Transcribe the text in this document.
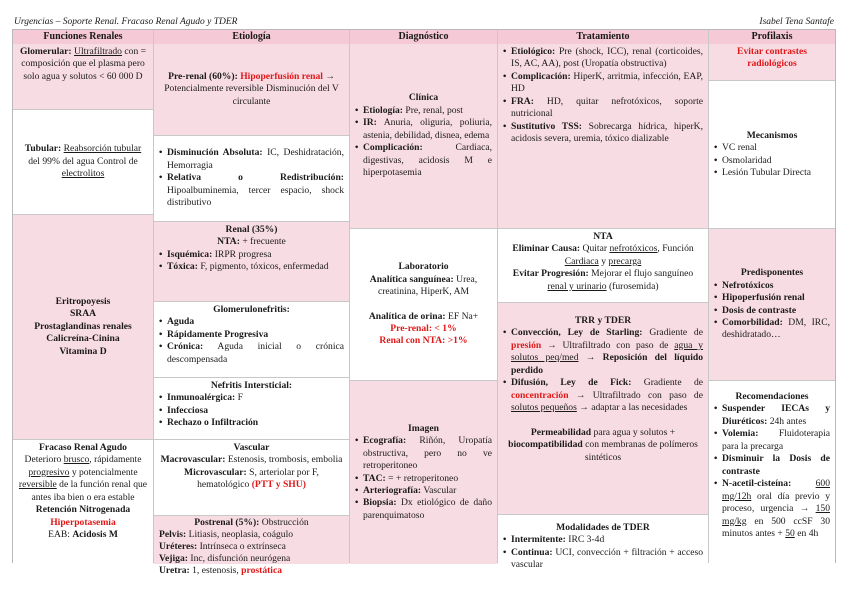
Urgencias – Soporte Renal. Fracaso Renal Agudo y TDER	Isabel Tena Santafe
Funciones Renales
Glomerular: Ultrafiltrado con = composición que el plasma pero solo agua y solutos < 60 000 D

Tubular: Reabsorción tubular del 99% del agua Control de electrolitos

Eritropoyesis
SRAA
Prostaglandinas renales
Calicreína-Cinina
Vitamina D
Fracaso Renal Agudo

Deterioro brusco, rápidamente progresivo y potencialmente reversible de la función renal que antes iba bien o era estable

Retención Nitrogenada
Hiperpotasemia
EAB: Acidosis M
Etiología

Pre-renal (60%): Hipoperfusión renal → Potencialmente reversible Disminución del V circulante

• Disminución Absoluta: IC, Deshidratación, Hemorragia
• Relativa o Redistribución: Hipoalbuminemia, tercer espacio, shock distributivo
Renal (35%)
NTA: + frecuente
• Isquémica: IRPR progresa
• Tóxica: F, pigmento, tóxicos, enfermedad
Glomerulonefritis:
• Aguda
• Rápidamente Progresiva
• Crónica: Aguda inicial o crónica descompensada
Nefritis Intersticial:
• Inmunoalérgica: F
• Infecciosa
• Rechazo o Infiltración
Vascular
Macrovascular: Estenosis, trombosis, embolia
Microvascular: S, arteriolar por F, hematológico (PTT y SHU)
Postrenal (5%): Obstrucción
Pelvis: Litiasis, neoplasia, coágulo
Uréteres: Intrínseca o extrínseca
Vejiga: Inc, disfunción neurógena
Uretra: 1, estenosis, prostática
Diagnóstico
Clínica
• Etiología: Pre, renal, post
• IR: Anuria, oliguria, poliuria, astenia, debilidad, disnea, edema
• Complicación:	Cardiaca, digestivas, acidosis M e hiperpotasemia
Laboratorio

Analítica sanguínea: Urea, creatinina, HiperK, AM

Analítica de orina: EF Na+

Pre-renal: < 1%
Renal con NTA: >1%
Imagen
• Ecografía: Riñón, Uropatía obstructiva, pero no ve retroperitoneo
• TAC: = + retroperitoneo
• Arteriografía: Vascular
• Biopsia: Dx etiológico de daño parenquimatoso
Tratamiento
• Etiológico: Pre (shock, ICC), renal (corticoides, IS, AC, AA), post (Uropatía obstructiva)
• Complicación: HiperK, arritmia, infección, EAP, HD
• FRA: HD, quitar nefrotóxicos, soporte nutricional
• Sustitutivo TSS: Sobrecarga hídrica, hiperK, acidosis severa, uremia, tóxico dializable
NTA

Eliminar Causa: Quitar nefrotóxicos, Función Cardiaca y precarga

Evitar Progresión: Mejorar el flujo sanguíneo renal y urinario (furosemida)

TRR y TDER
• Convección, Ley de Starling: Gradiente de presión → Ultrafiltrado con paso de agua y solutos peq/med → Reposición del líquido perdido
• Difusión, Ley de Fick: Gradiente de concentración → Ultrafiltrado con paso de solutos pequeños → adaptar a las necesidades

Permeabilidad para agua y solutos + biocompatibilidad con membranas de polímeros sintéticos

Modalidades de TDER
• Intermitente: IRC 3-4d
• Continua: UCI, convección + filtración + acceso vascular
Profilaxis
Evitar contrastes radiológicos
Mecanismos
• VC renal
• Osmolaridad
• Lesión Tubular Directa
Predisponentes
• Nefrotóxicos
• Hipoperfusión renal
• Dosis de contraste
• Comorbilidad: DM, IRC, deshidratado…
Recomendaciones
• Suspender IECAs y Diuréticos: 24h antes
• Volemia: Fluidoterapia para la precarga
• Disminuir la Dosis de contraste
• N-acetil-cisteína:	600 mg/12h oral día previo y proceso, urgencia → 150 mg/kg en 500 ccSF 30 minutos antes + 50 en 4h
